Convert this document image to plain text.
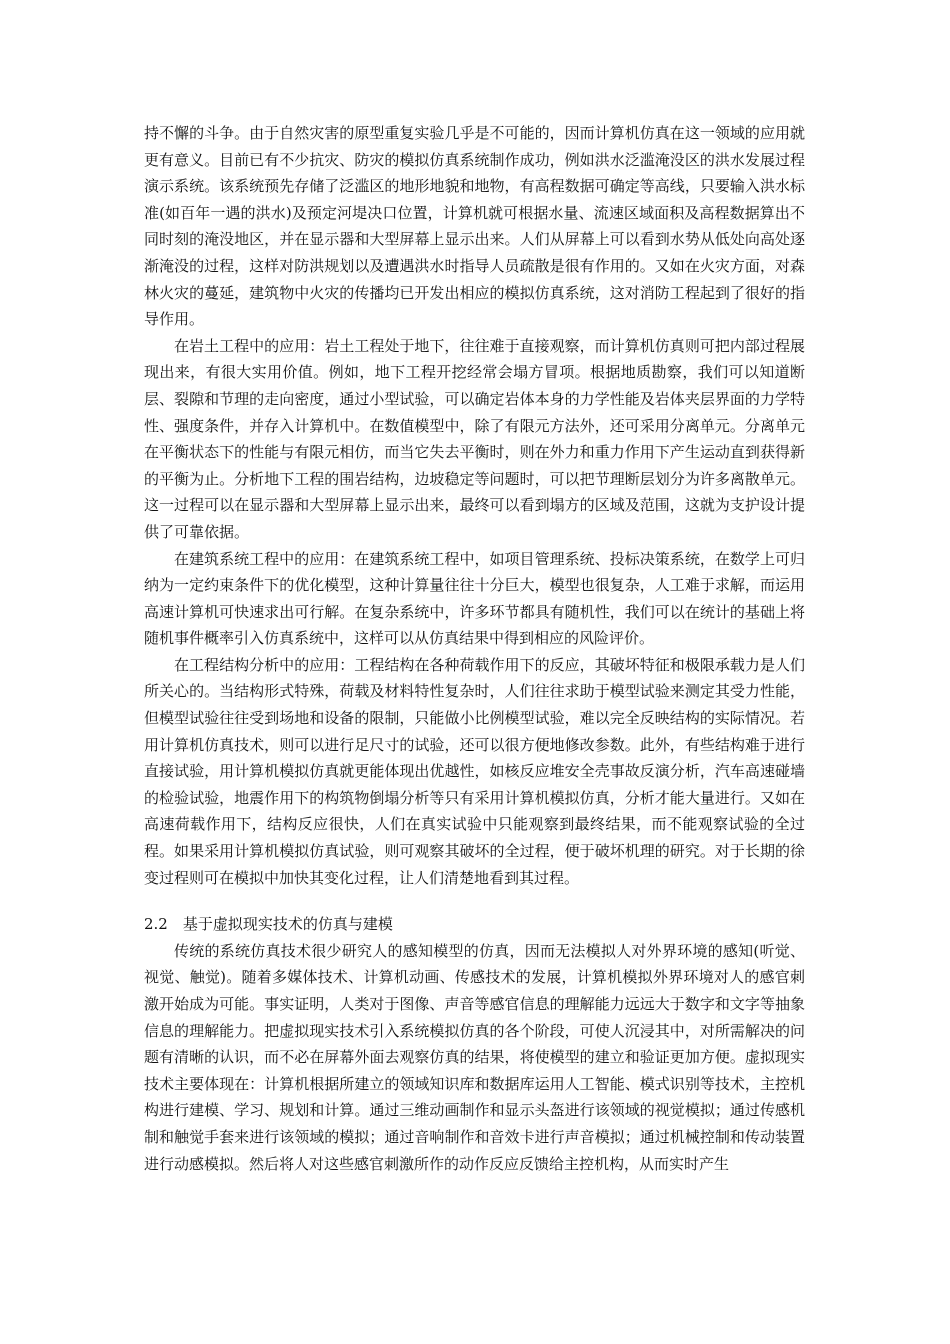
持不懈的斗争。由于自然灾害的原型重复实验几乎是不可能的，因而计算机仿真在这一领域的应用就更有意义。目前已有不少抗灾、防灾的模拟仿真系统制作成功，例如洪水泛滥淹没区的洪水发展过程演示系统。该系统预先存储了泛滥区的地形地貌和地物，有高程数据可确定等高线，只要输入洪水标准(如百年一遇的洪水)及预定河堤决口位置，计算机就可根据水量、流速区域面积及高程数据算出不同时刻的淹没地区，并在显示器和大型屏幕上显示出来。人们从屏幕上可以看到水势从低处向高处逐渐淹没的过程，这样对防洪规划以及遭遇洪水时指导人员疏散是很有作用的。又如在火灾方面，对森林火灾的蔓延，建筑物中火灾的传播均已开发出相应的模拟仿真系统，这对消防工程起到了很好的指导作用。

在岩土工程中的应用：岩土工程处于地下，往往难于直接观察，而计算机仿真则可把内部过程展现出来，有很大实用价值。例如，地下工程开挖经常会塌方冒项。根据地质勘察，我们可以知道断层、裂隙和节理的走向密度，通过小型试验，可以确定岩体本身的力学性能及岩体夹层界面的力学特性、强度条件，并存入计算机中。在数值模型中，除了有限元方法外，还可采用分离单元。分离单元在平衡状态下的性能与有限元相仿，而当它失去平衡时，则在外力和重力作用下产生运动直到获得新的平衡为止。分析地下工程的围岩结构，边坡稳定等问题时，可以把节理断层划分为许多离散单元。这一过程可以在显示器和大型屏幕上显示出来，最终可以看到塌方的区域及范围，这就为支护设计提供了可靠依据。

在建筑系统工程中的应用：在建筑系统工程中，如项目管理系统、投标决策系统，在数学上可归纳为一定约束条件下的优化模型，这种计算量往往十分巨大，模型也很复杂，人工难于求解，而运用高速计算机可快速求出可行解。在复杂系统中，许多环节都具有随机性，我们可以在统计的基础上将随机事件概率引入仿真系统中，这样可以从仿真结果中得到相应的风险评价。

在工程结构分析中的应用：工程结构在各种荷载作用下的反应，其破坏特征和极限承载力是人们所关心的。当结构形式特殊，荷载及材料特性复杂时，人们往往求助于模型试验来测定其受力性能，但模型试验往往受到场地和设备的限制，只能做小比例模型试验，难以完全反映结构的实际情况。若用计算机仿真技术，则可以进行足尺寸的试验，还可以很方便地修改参数。此外，有些结构难于进行直接试验，用计算机模拟仿真就更能体现出优越性，如核反应堆安全壳事故反演分析，汽车高速碰墙的检验试验，地震作用下的构筑物倒塌分析等只有采用计算机模拟仿真，分析才能大量进行。又如在高速荷载作用下，结构反应很快，人们在真实试验中只能观察到最终结果，而不能观察试验的全过程。如果采用计算机模拟仿真试验，则可观察其破坏的全过程，便于破坏机理的研究。对于长期的徐变过程则可在模拟中加快其变化过程，让人们清楚地看到其过程。

2.2　基于虚拟现实技术的仿真与建模

传统的系统仿真技术很少研究人的感知模型的仿真，因而无法模拟人对外界环境的感知(听觉、视觉、触觉)。随着多媒体技术、计算机动画、传感技术的发展，计算机模拟外界环境对人的感官刺激开始成为可能。事实证明，人类对于图像、声音等感官信息的理解能力远远大于数字和文字等抽象信息的理解能力。把虚拟现实技术引入系统模拟仿真的各个阶段，可使人沉浸其中，对所需解决的问题有清晰的认识，而不必在屏幕外面去观察仿真的结果，将使模型的建立和验证更加方便。虚拟现实技术主要体现在：计算机根据所建立的领域知识库和数据库运用人工智能、模式识别等技术，主控机构进行建模、学习、规划和计算。通过三维动画制作和显示头盔进行该领域的视觉模拟；通过传感机制和触觉手套来进行该领域的模拟；通过音响制作和音效卡进行声音模拟；通过机械控制和传动装置进行动感模拟。然后将人对这些感官刺激所作的动作反应反馈给主控机构，从而实时产生
